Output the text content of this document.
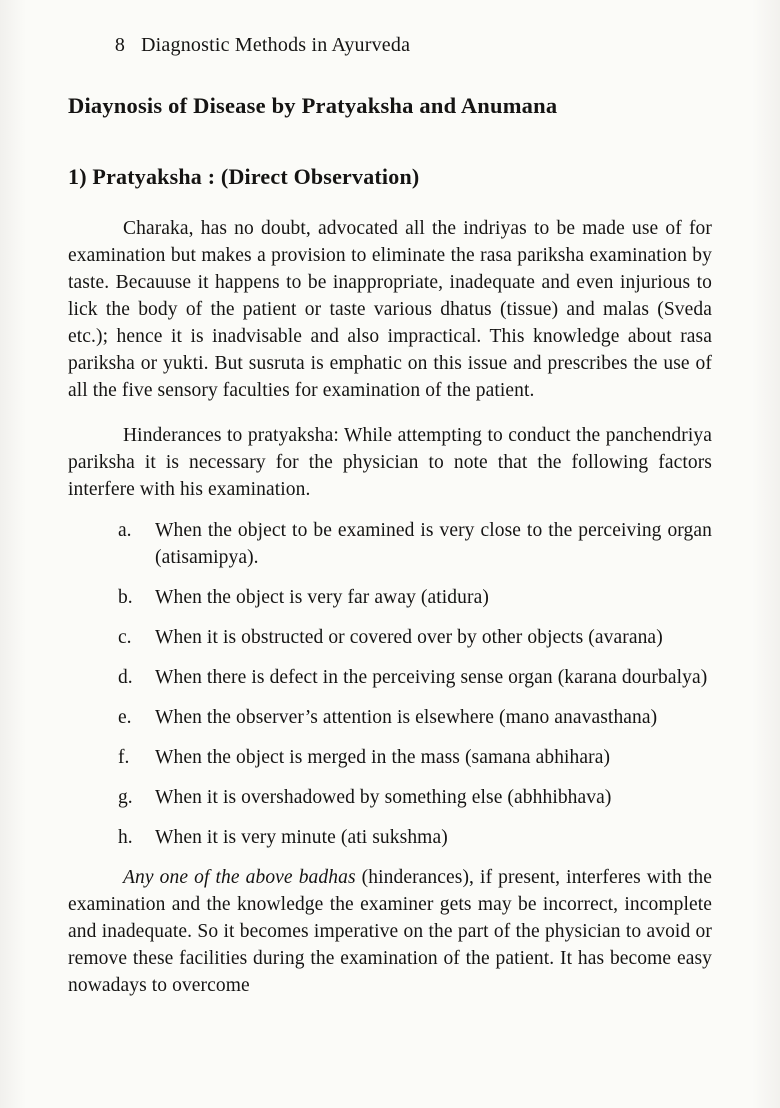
8 Diagnostic Methods in Ayurveda

Diaynosis of Disease by Pratyaksha and Anumana
1) Pratyaksha : (Direct Observation)
Charaka, has no doubt, advocated all the indriyas to be made use of for examination but makes a provision to eliminate the rasa pariksha examination by taste. Becauuse it happens to be inappropriate, inadequate and even injurious to lick the body of the patient or taste various dhatus (tissue) and malas (Sveda etc.); hence it is inadvisable and also impractical. This knowledge about rasa pariksha or yukti. But susruta is emphatic on this issue and prescribes the use of all the five sensory faculties for examination of the patient.
Hinderances to pratyaksha: While attempting to conduct the panchendriya pariksha it is necessary for the physician to note that the following factors interfere with his examination.
a.	When the object to be examined is very close to the perceiving organ (atisamipya).
b.	When the object is very far away (atidura)
c.	When it is obstructed or covered over by other objects (avarana)
d.	When there is defect in the perceiving sense organ (karana dourbalya)
e.	When the observer’s attention is elsewhere (mano anavasthana)
f.	When the object is merged in the mass (samana abhihara)
g.	When it is overshadowed by something else (abhhibhava)
h.	When it is very minute (ati sukshma)
Any one of the above badhas (hinderances), if present, interferes with the examination and the knowledge the examiner gets may be incorrect, incomplete and inadequate. So it becomes imperative on the part of the physician to avoid or remove these facilities during the examination of the patient. It has become easy nowadays to overcome
